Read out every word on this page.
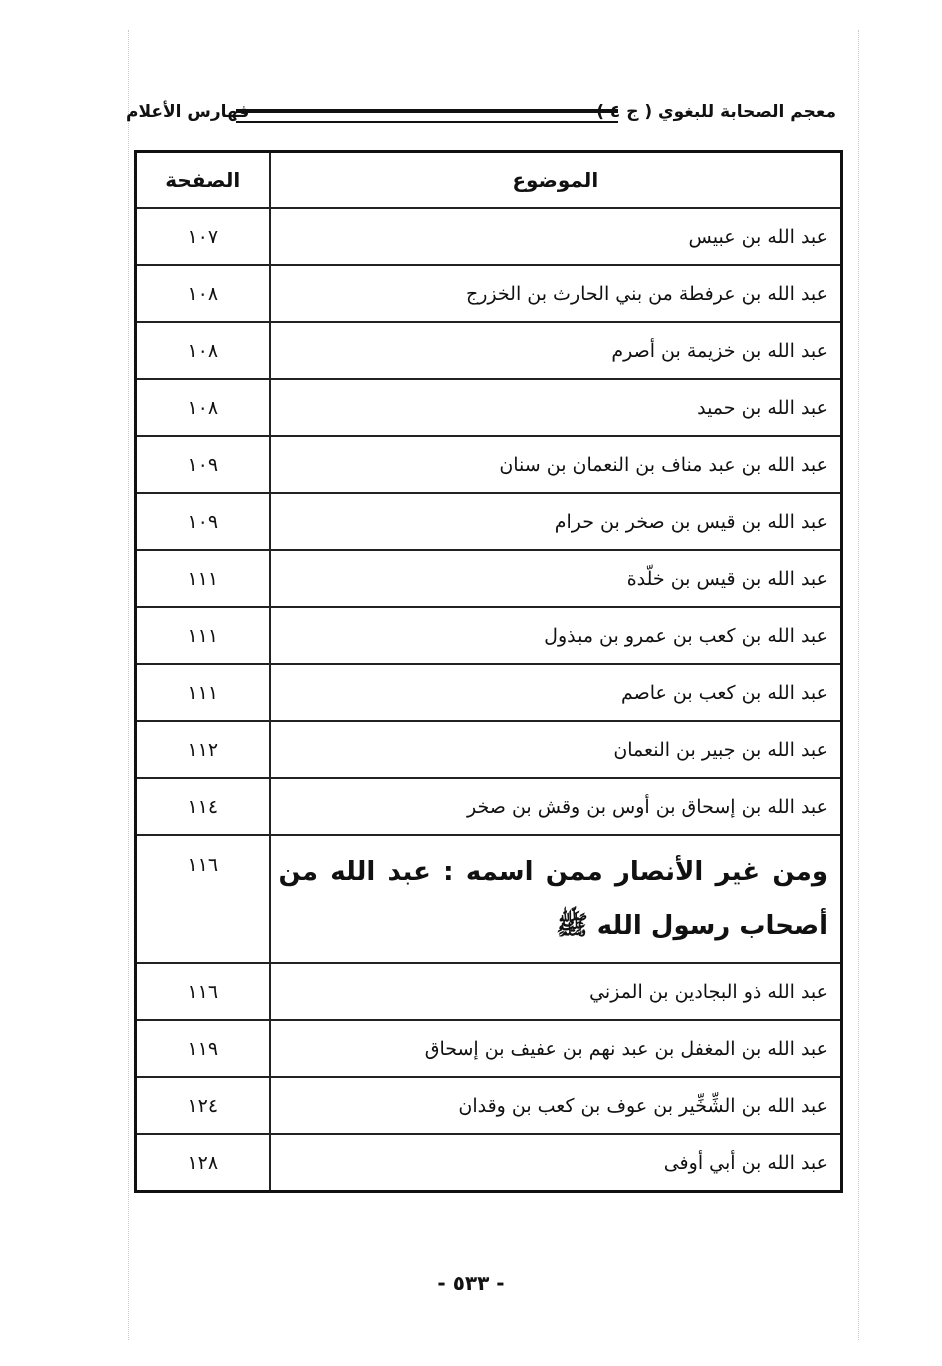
معجم الصحابة للبغوي ( ج ٤ )
فهارس الأعلام
الموضوع	الصفحة
عبد الله بن عبيس	١٠٧
عبد الله بن عرفطة من بني الحارث بن الخزرج	١٠٨
عبد الله بن خزيمة بن أصرم	١٠٨
عبد الله بن حميد	١٠٨
عبد الله بن عبد مناف بن النعمان بن سنان	١٠٩
عبد الله بن قيس بن صخر بن حرام	١٠٩
عبد الله بن قيس بن خلّدة	١١١
عبد الله بن كعب بن عمرو بن مبذول	١١١
عبد الله بن كعب بن عاصم	١١١
عبد الله بن جبير بن النعمان	١١٢
عبد الله بن إسحاق بن أوس بن وقش بن صخر	١١٤
ومن غير الأنصار ممن اسمه : عبد الله من أصحاب رسول الله ﷺ	١١٦
عبد الله ذو البجادين بن المزني	١١٦
عبد الله بن المغفل بن عبد نهم بن عفيف بن إسحاق	١١٩
عبد الله بن الشِّخِّير بن عوف بن كعب بن وقدان	١٢٤
عبد الله بن أبي أوفى	١٢٨
- ٥٣٣ -
